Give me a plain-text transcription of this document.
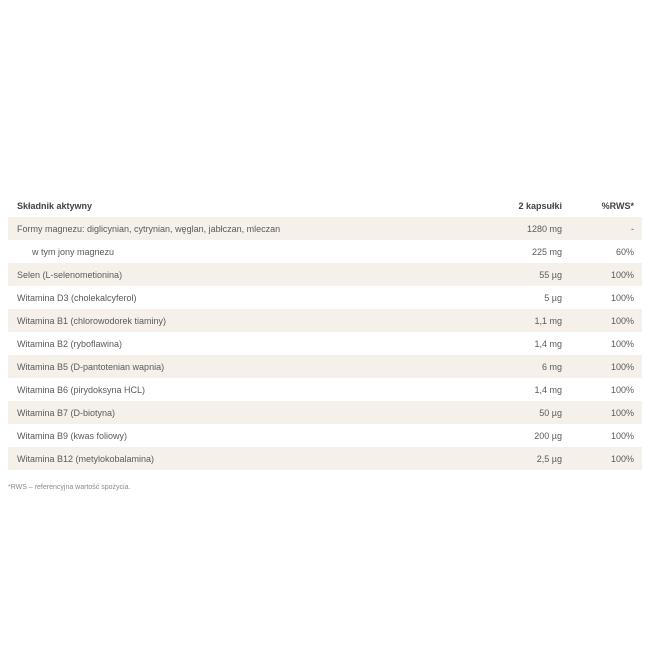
Składnik aktywny	2 kapsułki	%RWS*
Formy magnezu: diglicynian, cytrynian, węglan, jabłczan, mleczan	1280 mg	-
w tym jony magnezu	225 mg	60%
Selen (L-selenometionina)	55 µg	100%
Witamina D3 (cholekalcyferol)	5 µg	100%
Witamina B1 (chlorowodorek tiaminy)	1,1 mg	100%
Witamina B2 (ryboflawina)	1,4 mg	100%
Witamina B5 (D-pantotenian wapnia)	6 mg	100%
Witamina B6 (pirydoksyna HCL)	1,4 mg	100%
Witamina B7 (D-biotyna)	50 µg	100%
Witamina B9 (kwas foliowy)	200 µg	100%
Witamina B12 (metylokobalamina)	2,5 µg	100%
*RWS – referencyjna wartość spożycia.
